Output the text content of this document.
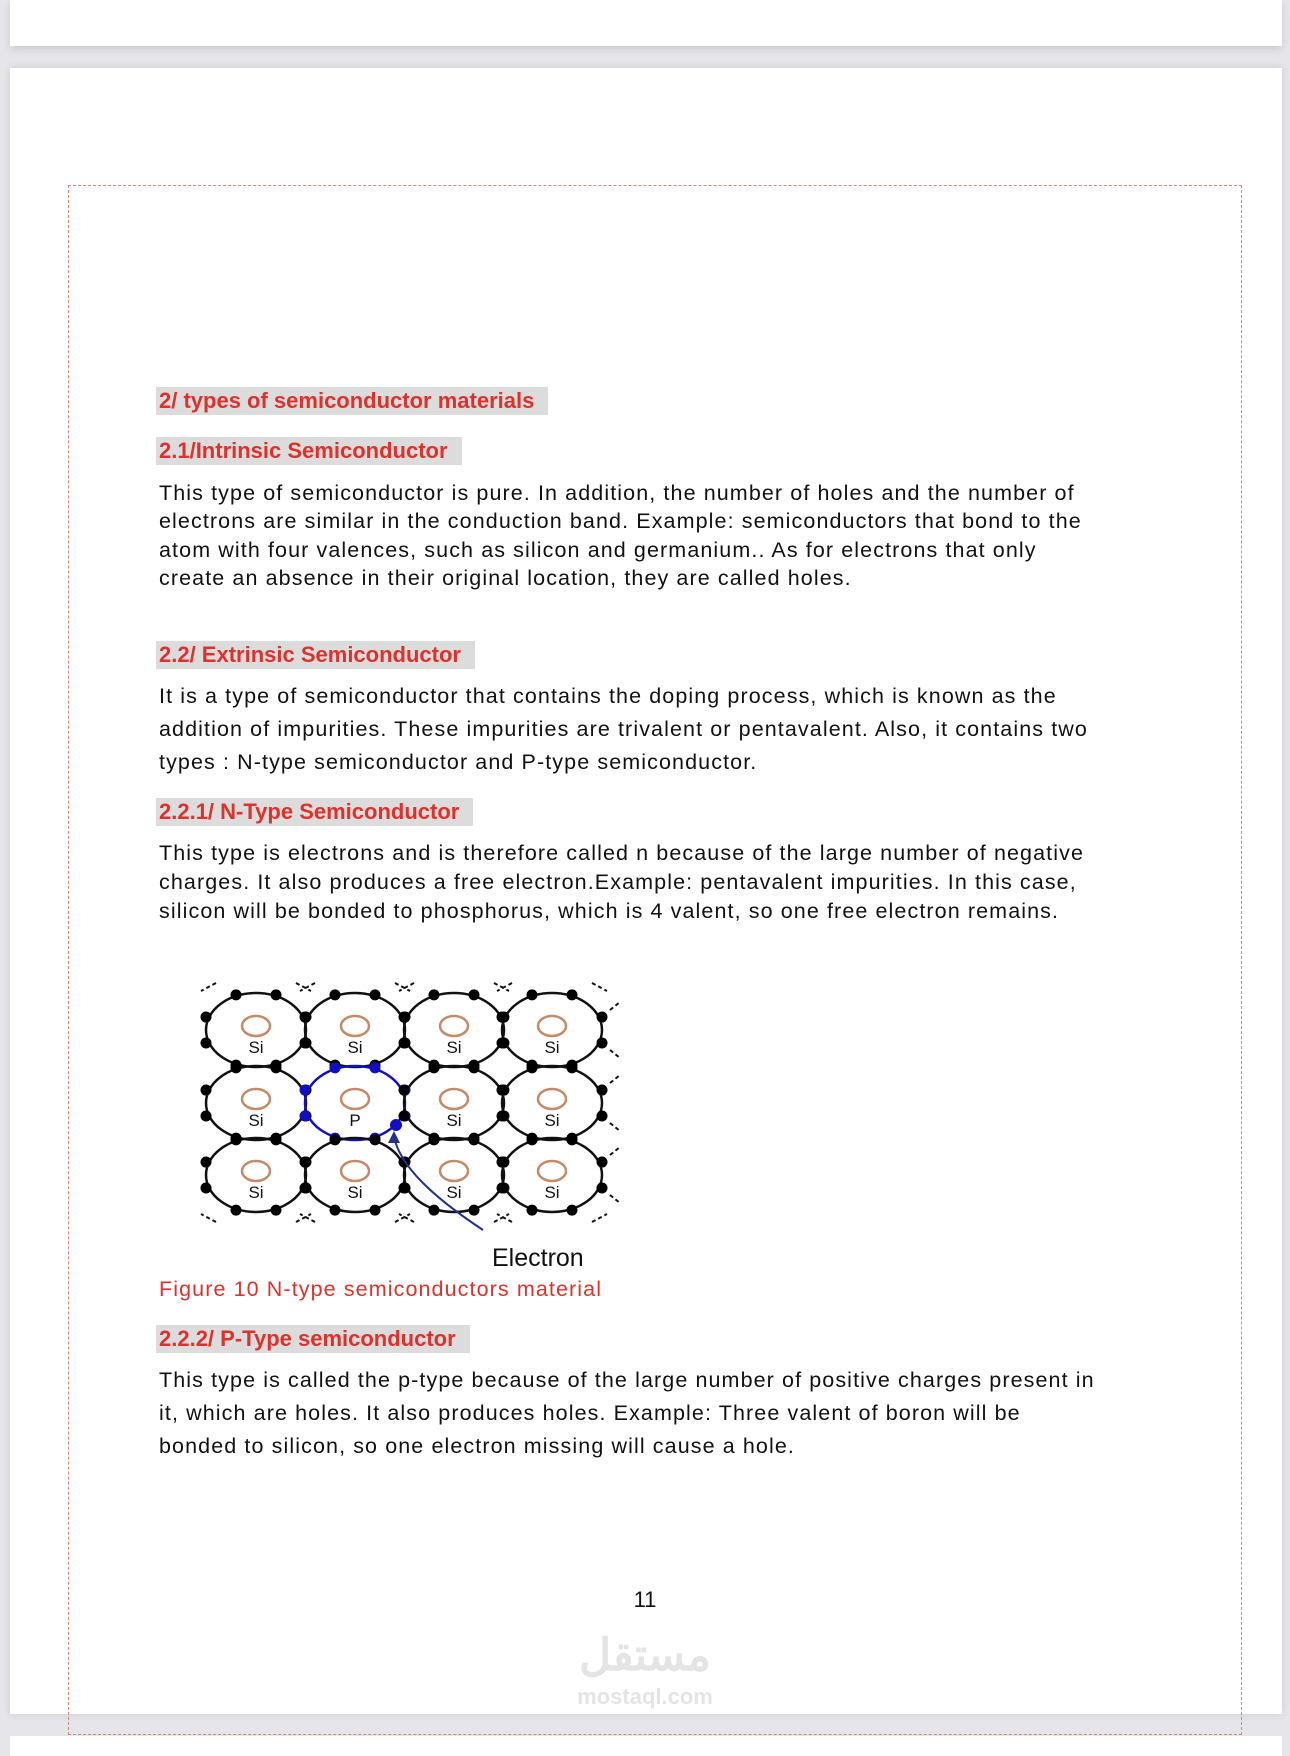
2/ types of semiconductor materials
2.1/Intrinsic Semiconductor
This type of semiconductor is pure. In addition, the number of holes and the number of
electrons are similar in the conduction band. Example: semiconductors that bond to the
atom with four valences, such as silicon and germanium.. As for electrons that only
create an absence in their original location, they are called holes.
2.2/ Extrinsic Semiconductor
It is a type of semiconductor that contains the doping process, which is known as the
addition of impurities. These impurities are trivalent or pentavalent. Also, it contains two
types : N-type semiconductor and P-type semiconductor.
2.2.1/ N-Type Semiconductor
This type is electrons and is therefore called n because of the large number of negative
charges. It also produces a free electron.Example: pentavalent impurities. In this case,
silicon will be bonded to phosphorus, which is 4 valent, so one free electron remains.
Si	Si	Si	Si
Si	P	Si	Si
Si	Si	Si	Si
Electron
Figure 10 N-type semiconductors material
2.2.2/ P-Type semiconductor
This type is called the p-type because of the large number of positive charges present in
it, which are holes. It also produces holes. Example: Three valent of boron will be
bonded to silicon, so one electron missing will cause a hole.
11
مستقل
mostaql.com
